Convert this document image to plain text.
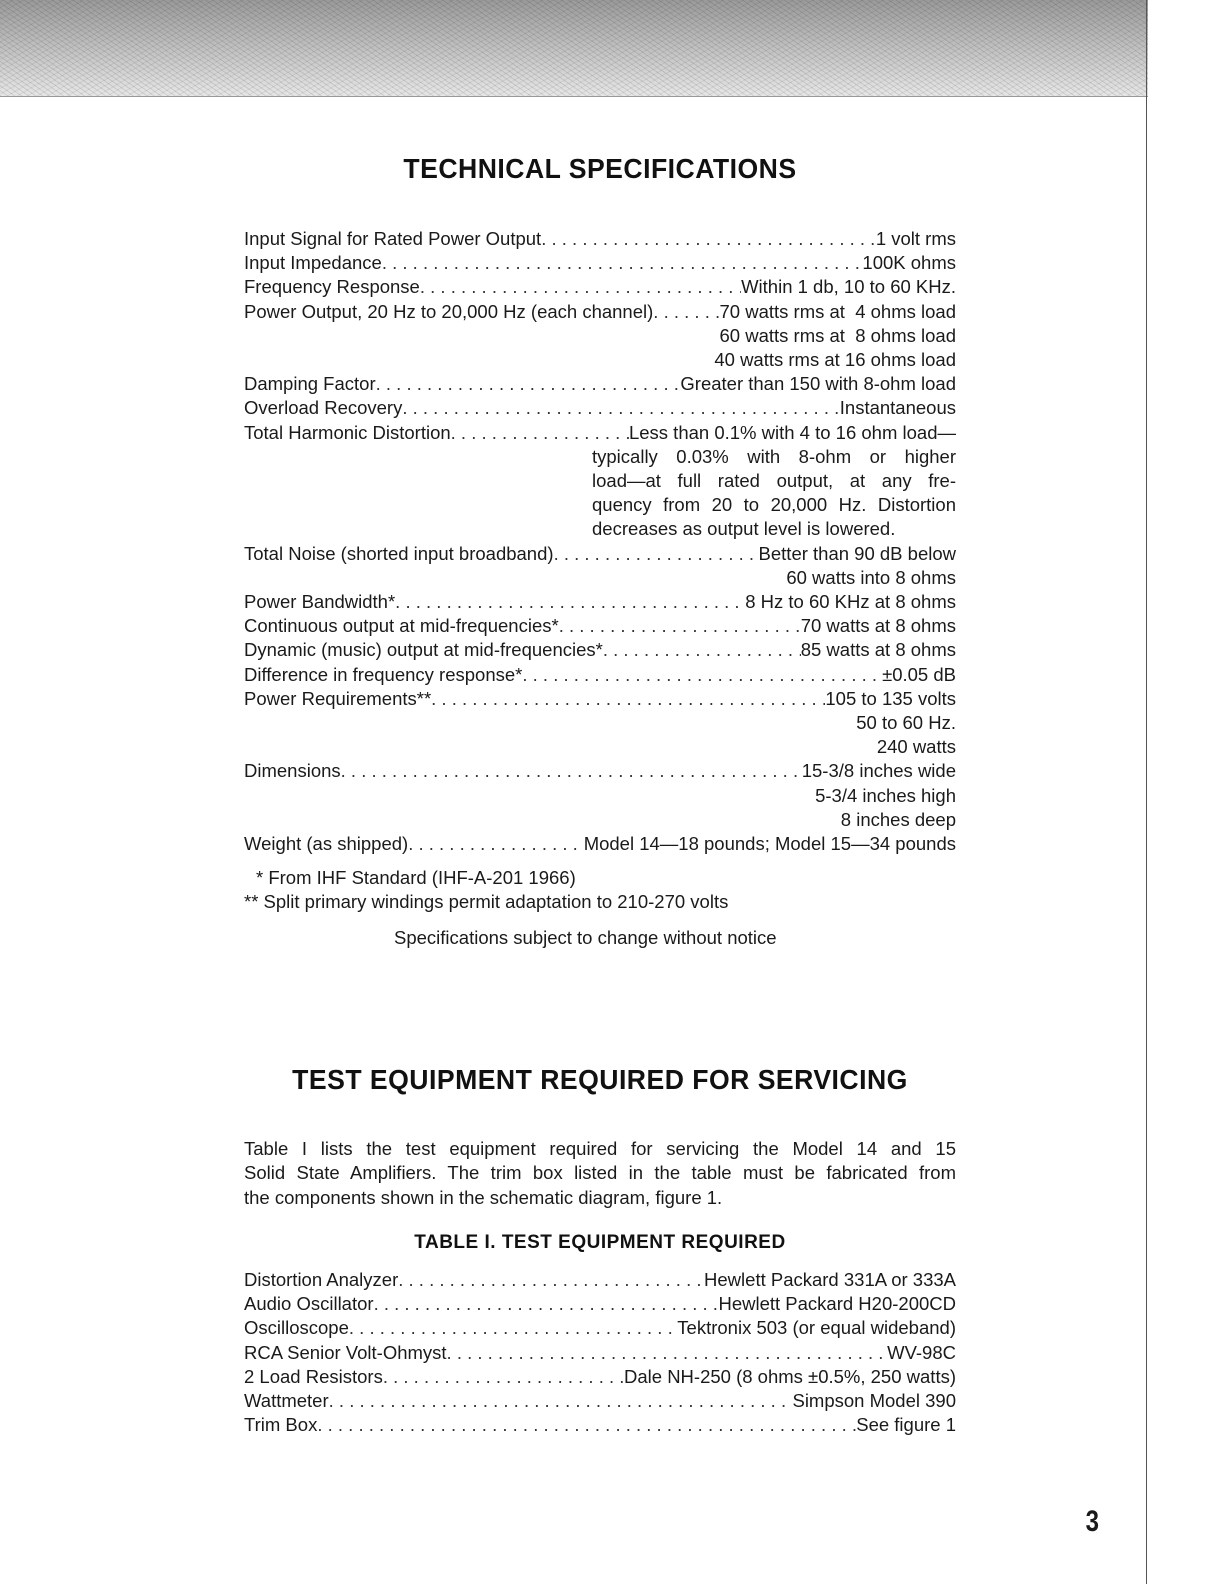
TECHNICAL SPECIFICATIONS
Input Signal for Rated Power Output . . .	1 volt rms
Input Impedance . . .	100K ohms
Frequency Response . . .	Within 1 db, 10 to 60 KHz.
Power Output, 20 Hz to 20,000 Hz (each channel) . . .	70 watts rms at  4 ohms load
60 watts rms at  8 ohms load
40 watts rms at 16 ohms load
Damping Factor . . .	Greater than 150 with 8-ohm load
Overload Recovery . . .	Instantaneous
Total Harmonic Distortion . . .	Less than 0.1% with 4 to 16 ohm load—
typically 0.03% with 8-ohm or higher
load—at full rated output, at any fre-
quency from 20 to 20,000 Hz. Distortion
decreases as output level is lowered.
Total Noise (shorted input broadband) . . .	Better than 90 dB below
60 watts into 8 ohms
Power Bandwidth* . . .	8 Hz to 60 KHz at 8 ohms
Continuous output at mid-frequencies* . . .	70 watts at 8 ohms
Dynamic (music) output at mid-frequencies* . . .	85 watts at 8 ohms
Difference in frequency response* . . .	±0.05 dB
Power Requirements** . . .	105 to 135 volts
50 to 60 Hz.
240 watts
Dimensions . . .	15-3/8 inches wide
5-3/4 inches high
8 inches deep
Weight (as shipped) . . .	Model 14—18 pounds; Model 15—34 pounds
* From IHF Standard (IHF-A-201 1966)
** Split primary windings permit adaptation to 210-270 volts
Specifications subject to change without notice
TEST EQUIPMENT REQUIRED FOR SERVICING
Table I lists the test equipment required for servicing the Model 14 and 15
Solid State Amplifiers. The trim box listed in the table must be fabricated from
the components shown in the schematic diagram, figure 1.
TABLE I. TEST EQUIPMENT REQUIRED
Distortion Analyzer . . .	Hewlett Packard 331A or 333A
Audio Oscillator . . .	Hewlett Packard H20-200CD
Oscilloscope . . .	Tektronix 503 (or equal wideband)
RCA Senior Volt-Ohmyst . . .	WV-98C
2 Load Resistors . . .	Dale NH-250 (8 ohms ±0.5%, 250 watts)
Wattmeter . . .	Simpson Model 390
Trim Box . . .	See figure 1
3
